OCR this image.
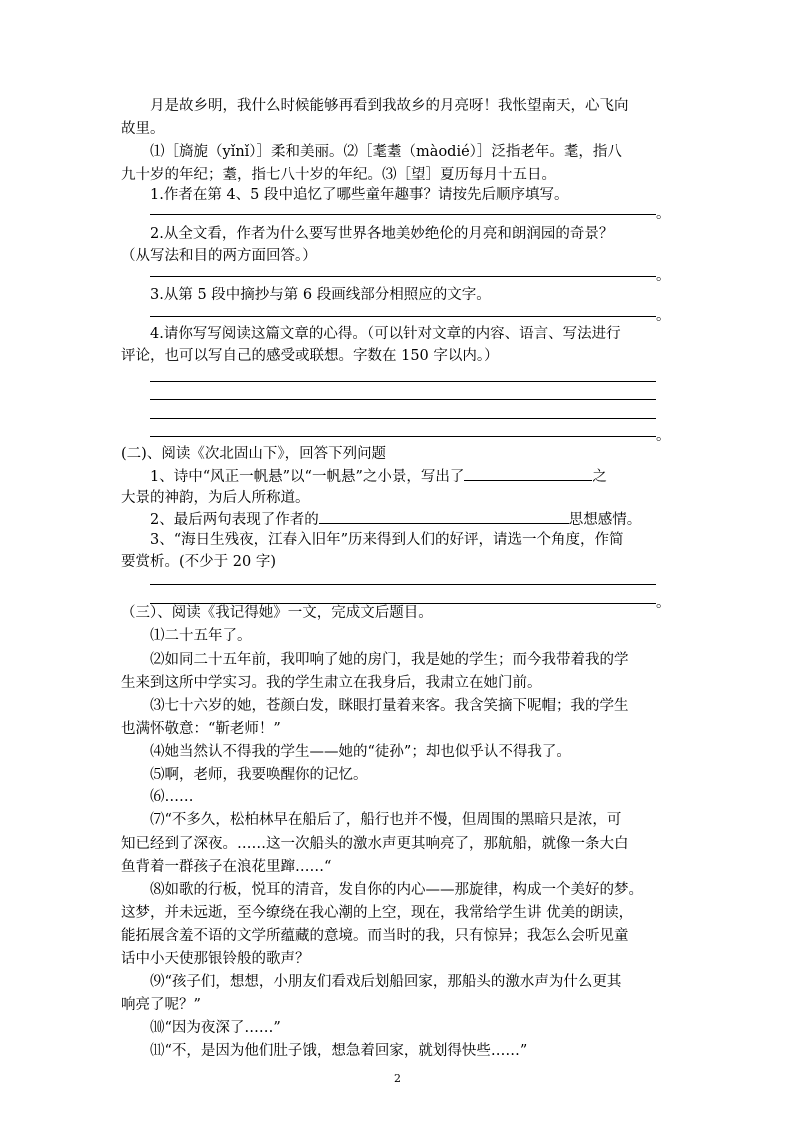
月是故乡明，我什么时候能够再看到我故乡的月亮呀！我怅望南天，心飞向
故里。
⑴［旖旎（yǐnǐ）］柔和美丽。⑵［耄耋（màodié）］泛指老年。耄，指八
九十岁的年纪；耋，指七八十岁的年纪。⑶［望］夏历每月十五日。
1.作者在第 4、5 段中追忆了哪些童年趣事？请按先后顺序填写。
。
2.从全文看，作者为什么要写世界各地美妙绝伦的月亮和朗润园的奇景？
（从写法和目的两方面回答。）
。
3.从第 5 段中摘抄与第 6 段画线部分相照应的文字。
。
4.请你写写阅读这篇文章的心得。（可以针对文章的内容、语言、写法进行
评论，也可以写自己的感受或联想。字数在 150 字以内。）
。
(二)、阅读《次北固山下》，回答下列问题
1、诗中“风正一帆悬”以“一帆悬”之小景，写出了	之
大景的神韵，为后人所称道。
2、最后两句表现了作者的	思想感情。
3、“海日生残夜，江春入旧年”历来得到人们的好评，请选一个角度，作简
要赏析。(不少于 20 字)
。
（三）、阅读《我记得她》一文，完成文后题目。
⑴二十五年了。
⑵如同二十五年前，我叩响了她的房门，我是她的学生；而今我带着我的学
生来到这所中学实习。我的学生肃立在我身后，我肃立在她门前。
⑶七十六岁的她，苍颜白发，眯眼打量着来客。我含笑摘下呢帽；我的学生
也满怀敬意：“靳老师！”
⑷她当然认不得我的学生——她的“徒孙”；却也似乎认不得我了。
⑸啊，老师，我要唤醒你的记忆。
⑹……
⑺“不多久，松柏林早在船后了，船行也并不慢，但周围的黑暗只是浓，可
知已经到了深夜。……这一次船头的激水声更其响亮了，那航船，就像一条大白
鱼背着一群孩子在浪花里蹿……“
⑻如歌的行板，悦耳的清音，发自你的内心——那旋律，构成一个美好的梦。
这梦，并未远逝，至今缭绕在我心潮的上空，现在，我常给学生讲 优美的朗读，
能拓展含羞不语的文学所蕴藏的意境。而当时的我，只有惊异；我怎么会听见童
话中小天使那银铃般的歌声？
⑼“孩子们，想想，小朋友们看戏后划船回家，那船头的激水声为什么更其
响亮了呢？”
⑽“因为夜深了……”
⑾“不，是因为他们肚子饿，想急着回家，就划得快些……”
2
